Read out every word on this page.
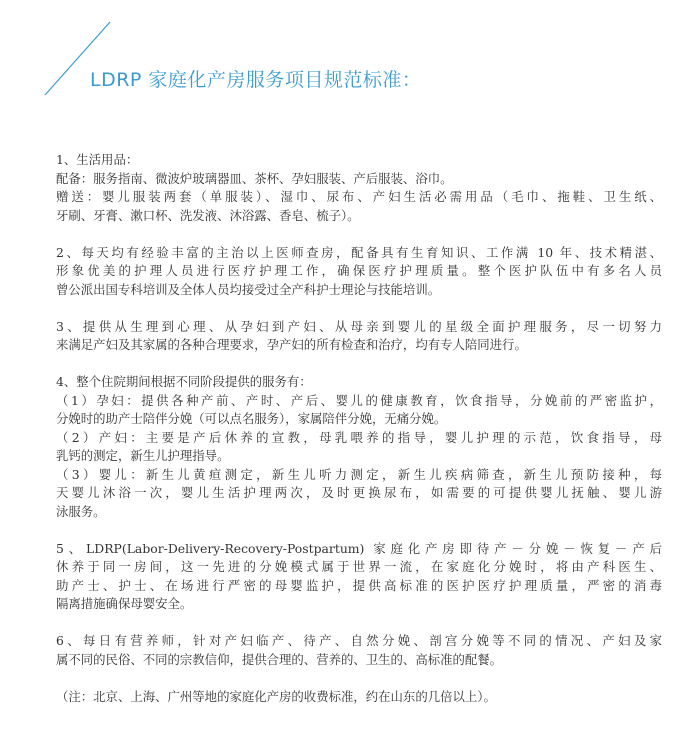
LDRP 家庭化产房服务项目规范标准：
1、生活用品：
配备：服务指南、微波炉玻璃器皿、茶杯、孕妇服装、产后服装、浴巾。
赠送：婴儿服装两套（单服装）、湿巾、尿布、产妇生活必需用品（毛巾、拖鞋、卫生纸、
牙刷、牙膏、漱口杯、洗发液、沐浴露、香皂、梳子）。
2、每天均有经验丰富的主治以上医师查房，配备具有生育知识、工作满 10 年、技术精湛、
形象优美的护理人员进行医疗护理工作，确保医疗护理质量。整个医护队伍中有多名人员
曾公派出国专科培训及全体人员均接受过全产科护士理论与技能培训。
3、提供从生理到心理、从孕妇到产妇、从母亲到婴儿的星级全面护理服务，尽一切努力
来满足产妇及其家属的各种合理要求，孕产妇的所有检查和治疗，均有专人陪同进行。
4、整个住院期间根据不同阶段提供的服务有：
（1）孕妇：提供各种产前、产时、产后、婴儿的健康教育，饮食指导，分娩前的严密监护，
分娩时的助产士陪伴分娩（可以点名服务），家属陪伴分娩，无痛分娩。
（2）产妇：主要是产后休养的宣教，母乳喂养的指导，婴儿护理的示范，饮食指导，母
乳钙的测定，新生儿护理指导。
（3）婴儿：新生儿黄疸测定，新生儿听力测定，新生儿疾病筛查，新生儿预防接种，每
天婴儿沐浴一次，婴儿生活护理两次，及时更换尿布，如需要的可提供婴儿抚触、婴儿游
泳服务。
5、LDRP(Labor-Delivery-Recovery-Postpartum) 家庭化产房即待产－分娩－恢复－产后
休养于同一房间，这一先进的分娩模式属于世界一流，在家庭化分娩时，将由产科医生、
助产士、护士、在场进行严密的母婴监护，提供高标准的医护医疗护理质量，严密的消毒
隔离措施确保母婴安全。
6、每日有营养师，针对产妇临产、待产、自然分娩、剖宫分娩等不同的情况、产妇及家
属不同的民俗、不同的宗教信仰，提供合理的、营养的、卫生的、高标准的配餐。
（注：北京、上海、广州等地的家庭化产房的收费标准，约在山东的几倍以上）。
